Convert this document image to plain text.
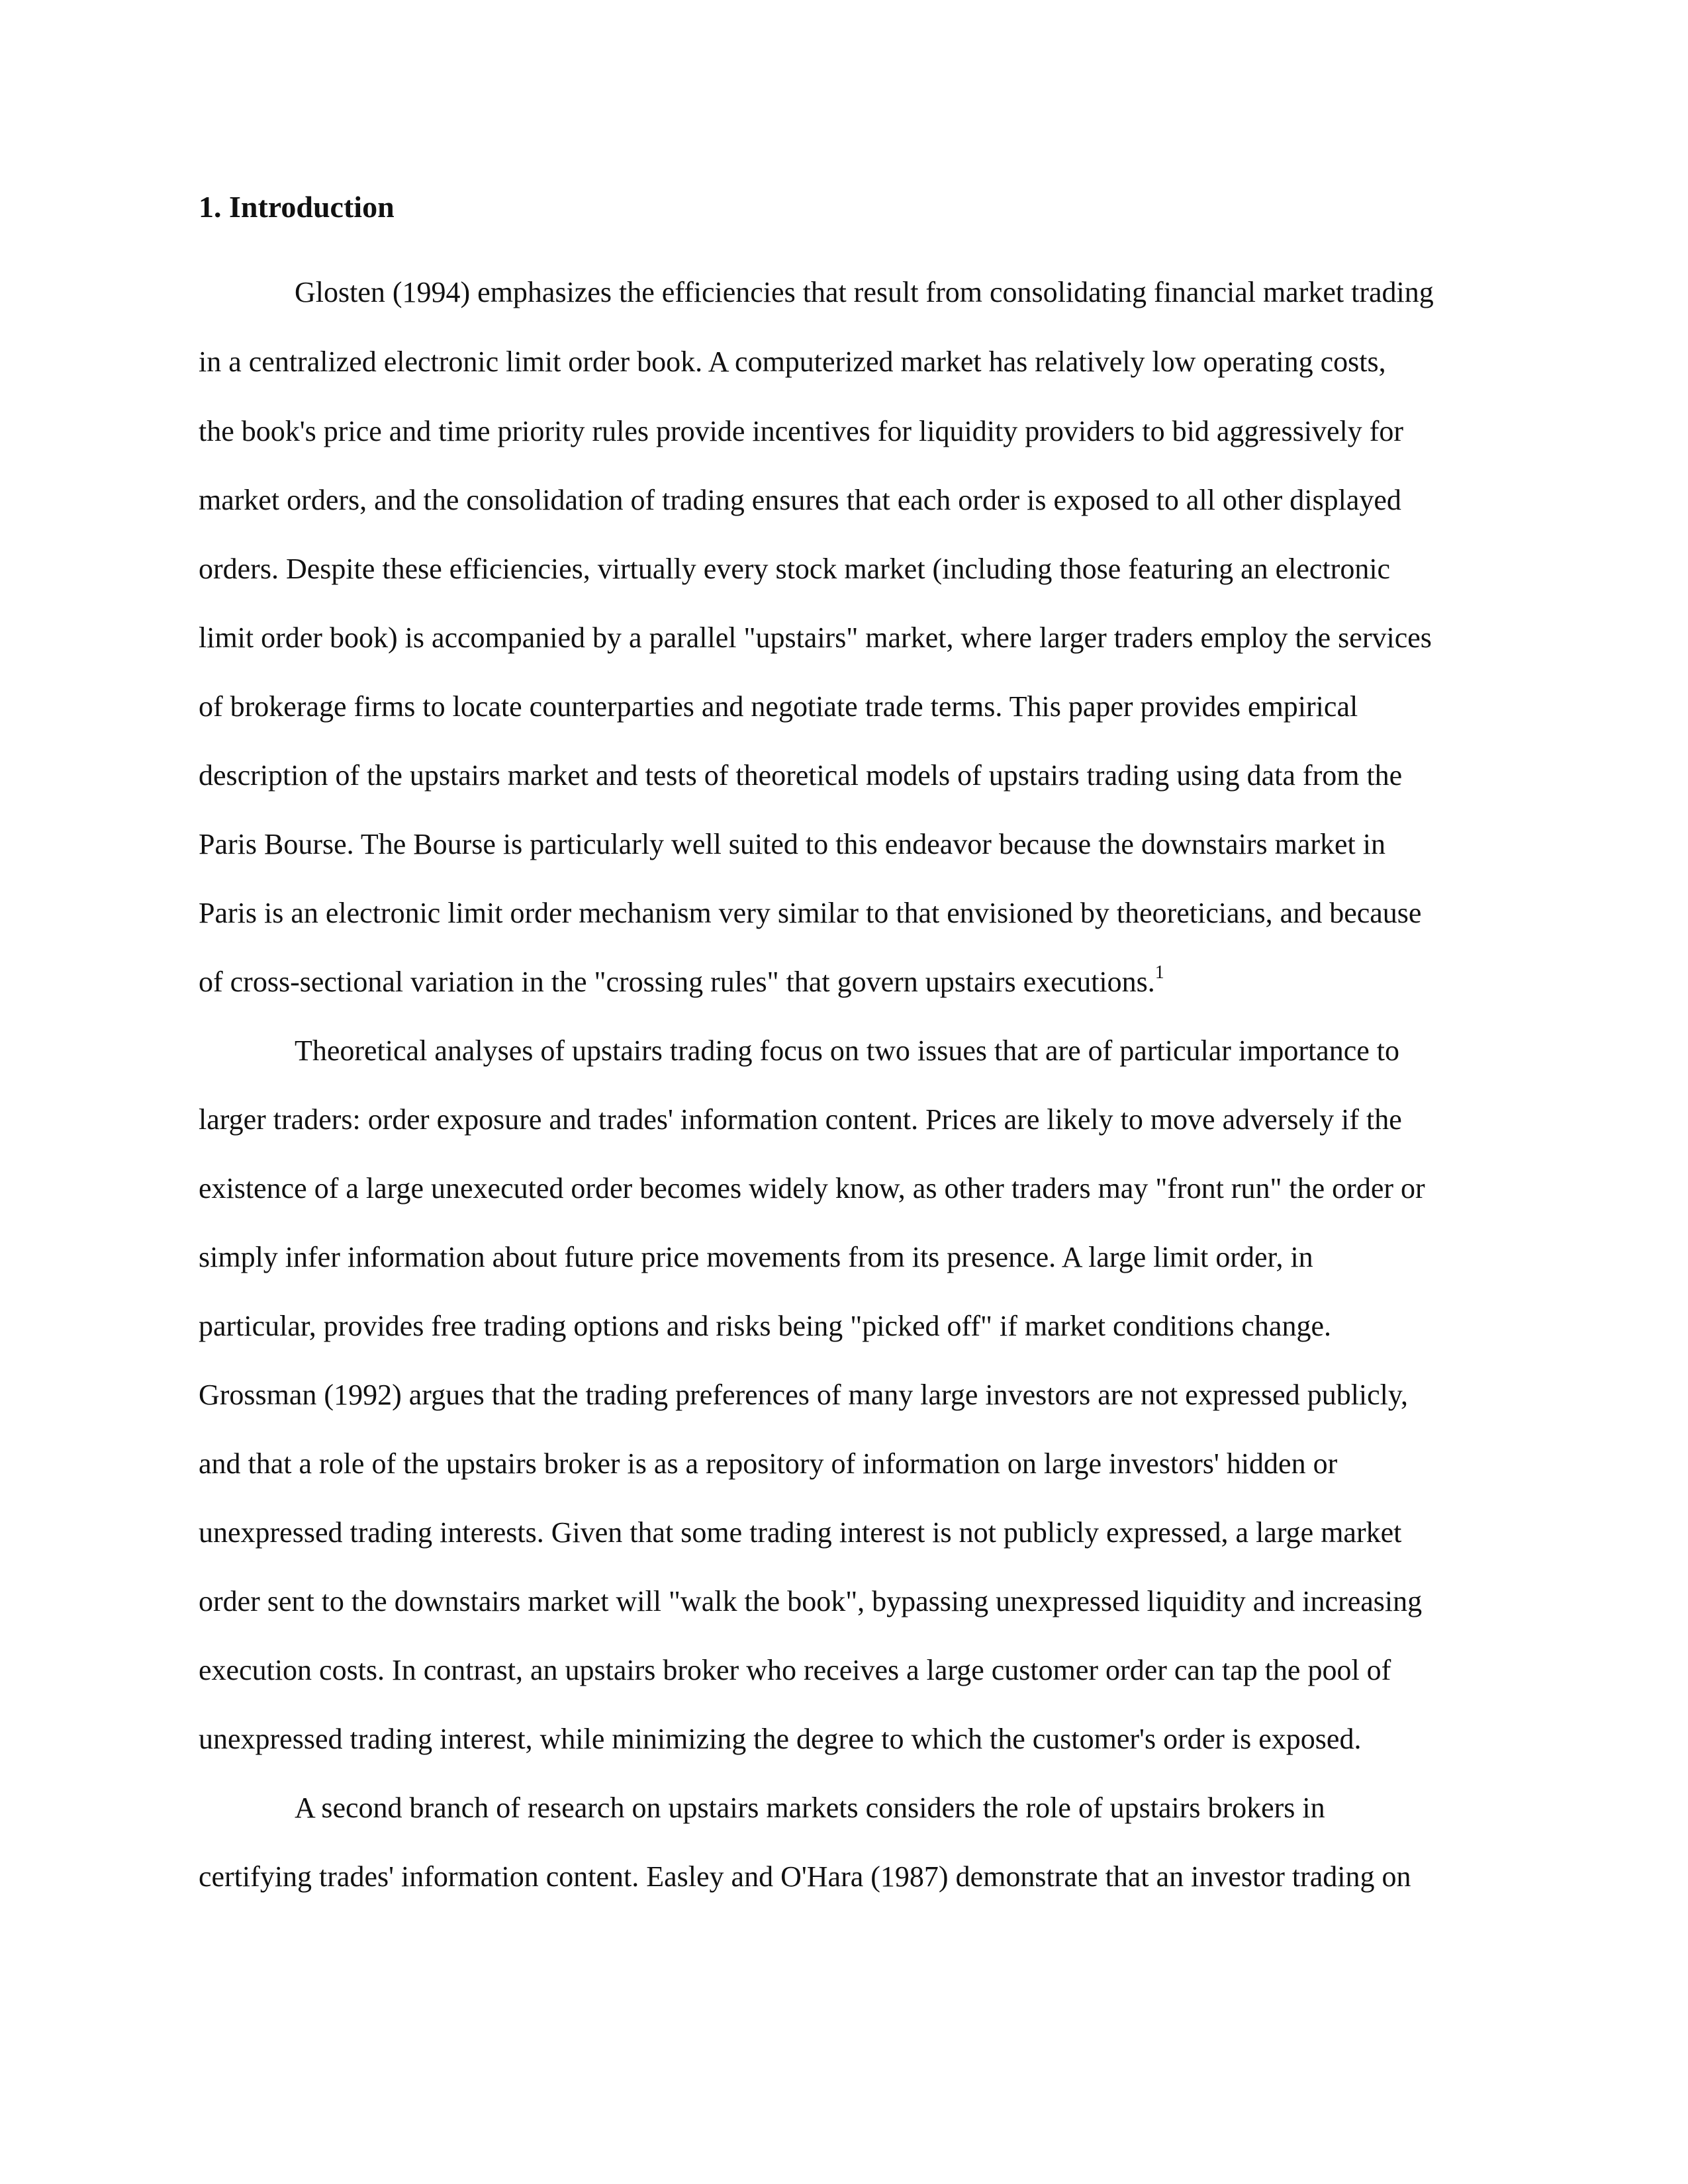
1. Introduction

Glosten (1994) emphasizes the efficiencies that result from consolidating financial market trading

in a centralized electronic limit order book. A computerized market has relatively low operating costs,

the book's price and time priority rules provide incentives for liquidity providers to bid aggressively for

market orders, and the consolidation of trading ensures that each order is exposed to all other displayed

orders. Despite these efficiencies, virtually every stock market (including those featuring an electronic

limit order book) is accompanied by a parallel "upstairs" market, where larger traders employ the services

of brokerage firms to locate counterparties and negotiate trade terms. This paper provides empirical

description of the upstairs market and tests of theoretical models of upstairs trading using data from the

Paris Bourse. The Bourse is particularly well suited to this endeavor because the downstairs market in

Paris is an electronic limit order mechanism very similar to that envisioned by theoreticians, and because

of cross-sectional variation in the "crossing rules" that govern upstairs executions.$^1$

Theoretical analyses of upstairs trading focus on two issues that are of particular importance to

larger traders: order exposure and trades' information content. Prices are likely to move adversely if the

existence of a large unexecuted order becomes widely know, as other traders may "front run" the order or

simply infer information about future price movements from its presence. A large limit order, in

particular, provides free trading options and risks being "picked off" if market conditions change.

Grossman (1992) argues that the trading preferences of many large investors are not expressed publicly,

and that a role of the upstairs broker is as a repository of information on large investors' hidden or

unexpressed trading interests. Given that some trading interest is not publicly expressed, a large market

order sent to the downstairs market will "walk the book", bypassing unexpressed liquidity and increasing

execution costs. In contrast, an upstairs broker who receives a large customer order can tap the pool of

unexpressed trading interest, while minimizing the degree to which the customer's order is exposed.

A second branch of research on upstairs markets considers the role of upstairs brokers in

certifying trades' information content. Easley and O'Hara (1987) demonstrate that an investor trading on
